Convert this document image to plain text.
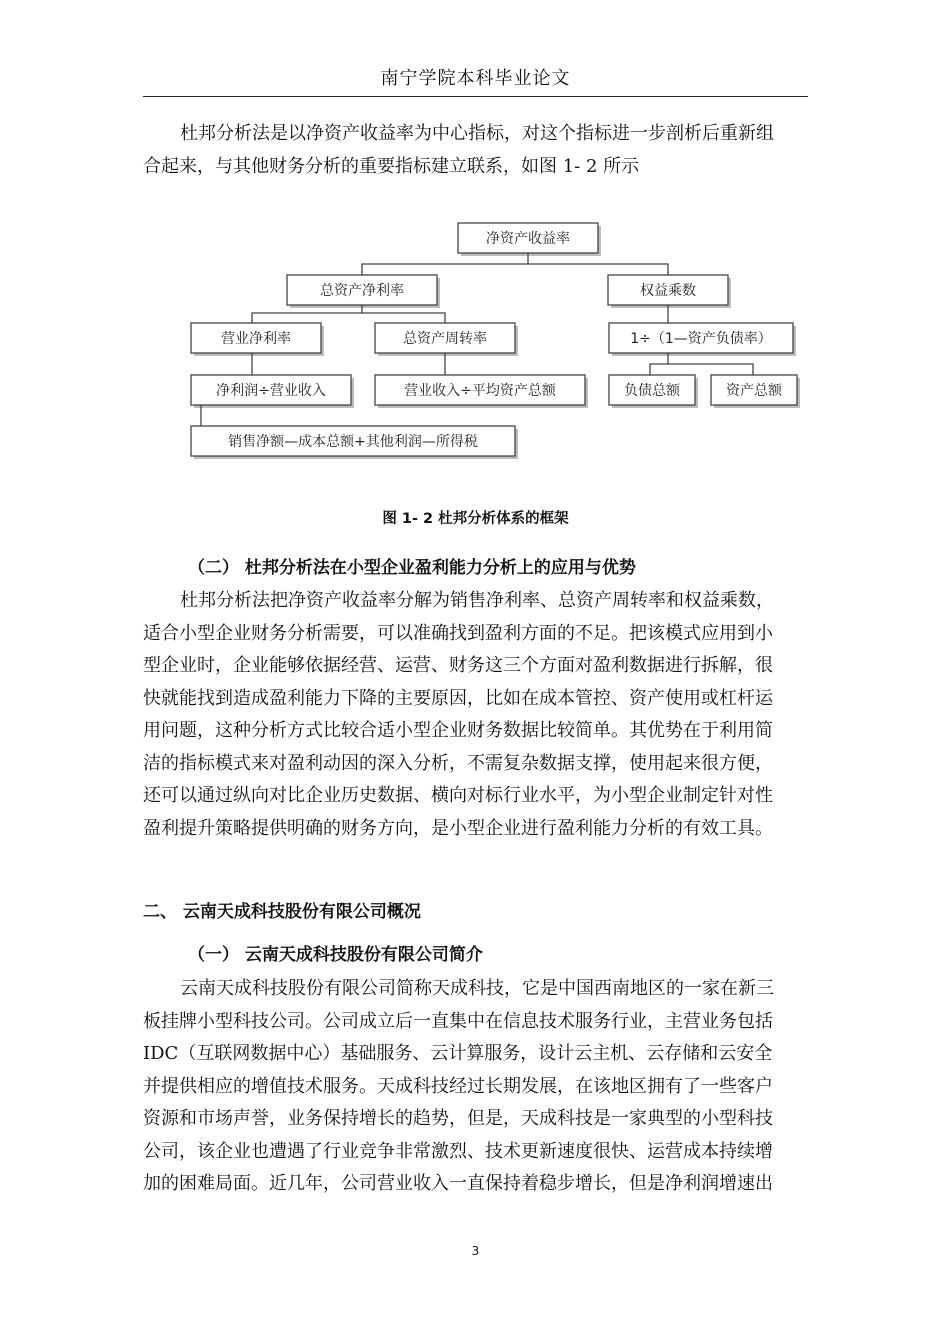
南宁学院本科毕业论文
杜邦分析法是以净资产收益率为中心指标，对这个指标进一步剖析后重新组
合起来，与其他财务分析的重要指标建立联系，如图 1- 2 所示
净资产收益率
总资产净利率	权益乘数
营业净利率	总资产周转率	1÷（1—资产负债率）
净利润÷营业收入	营业收入÷平均资产总额	负债总额	资产总额
销售净额—成本总额+其他利润—所得税
图 1- 2 杜邦分析体系的框架
（二） 杜邦分析法在小型企业盈利能力分析上的应用与优势
杜邦分析法把净资产收益率分解为销售净利率、总资产周转率和权益乘数，
适合小型企业财务分析需要，可以准确找到盈利方面的不足。把该模式应用到小
型企业时，企业能够依据经营、运营、财务这三个方面对盈利数据进行拆解，很
快就能找到造成盈利能力下降的主要原因，比如在成本管控、资产使用或杠杆运
用问题，这种分析方式比较合适小型企业财务数据比较简单。其优势在于利用简
洁的指标模式来对盈利动因的深入分析，不需复杂数据支撑，使用起来很方便，
还可以通过纵向对比企业历史数据、横向对标行业水平，为小型企业制定针对性
盈利提升策略提供明确的财务方向，是小型企业进行盈利能力分析的有效工具。
二、 云南天成科技股份有限公司概况
（一） 云南天成科技股份有限公司简介
云南天成科技股份有限公司简称天成科技，它是中国西南地区的一家在新三
板挂牌小型科技公司。公司成立后一直集中在信息技术服务行业，主营业务包括
IDC（互联网数据中心）基础服务、云计算服务，设计云主机、云存储和云安全
并提供相应的增值技术服务。天成科技经过长期发展，在该地区拥有了一些客户
资源和市场声誉，业务保持增长的趋势，但是，天成科技是一家典型的小型科技
公司，该企业也遭遇了行业竞争非常激烈、技术更新速度很快、运营成本持续增
加的困难局面。近几年，公司营业收入一直保持着稳步增长，但是净利润增速出
3
